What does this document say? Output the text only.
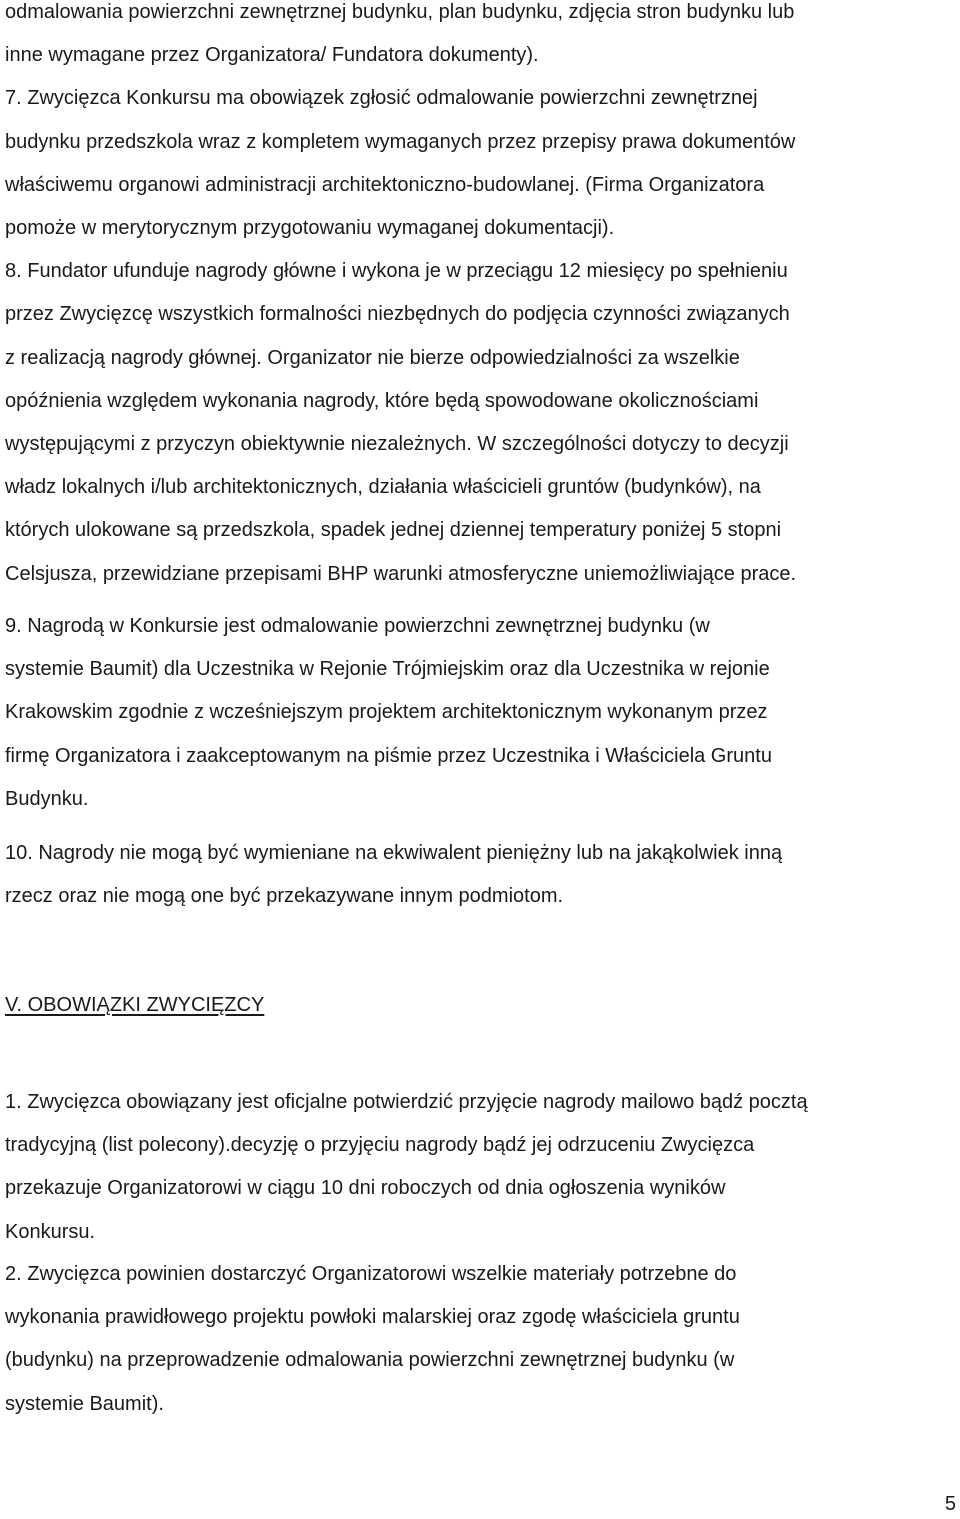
odmalowania powierzchni zewnętrznej budynku, plan budynku, zdjęcia stron budynku lub
inne wymagane przez Organizatora/ Fundatora dokumenty).
7. Zwycięzca Konkursu ma obowiązek zgłosić odmalowanie powierzchni zewnętrznej
budynku przedszkola wraz z kompletem wymaganych przez przepisy prawa dokumentów
właściwemu organowi administracji architektoniczno-budowlanej. (Firma Organizatora
pomoże w merytorycznym przygotowaniu wymaganej dokumentacji).
8. Fundator ufunduje nagrody główne i wykona je w przeciągu 12 miesięcy po spełnieniu
przez Zwycięzcę wszystkich formalności niezbędnych do podjęcia czynności związanych
z realizacją nagrody głównej. Organizator nie bierze odpowiedzialności za wszelkie
opóźnienia względem wykonania nagrody, które będą spowodowane okolicznościami
występującymi z przyczyn obiektywnie niezależnych. W szczególności dotyczy to decyzji
władz lokalnych i/lub architektonicznych, działania właścicieli gruntów (budynków), na
których ulokowane są przedszkola, spadek jednej dziennej temperatury poniżej 5 stopni
Celsjusza, przewidziane przepisami BHP warunki atmosferyczne uniemożliwiające prace.

9. Nagrodą w Konkursie jest odmalowanie powierzchni zewnętrznej budynku (w
systemie Baumit) dla Uczestnika w Rejonie Trójmiejskim oraz dla Uczestnika w rejonie
Krakowskim zgodnie z wcześniejszym projektem architektonicznym wykonanym przez
firmę Organizatora i zaakceptowanym na piśmie przez Uczestnika i Właściciela Gruntu
Budynku.

10. Nagrody nie mogą być wymieniane na ekwiwalent pieniężny lub na jakąkolwiek inną
rzecz oraz nie mogą one być przekazywane innym podmiotom.

V. OBOWIĄZKI ZWYCIĘZCY

1. Zwycięzca obowiązany jest oficjalne potwierdzić przyjęcie nagrody mailowo bądź pocztą
tradycyjną (list polecony).decyzję o przyjęciu nagrody bądź jej odrzuceniu Zwycięzca
przekazuje Organizatorowi w ciągu 10 dni roboczych od dnia ogłoszenia wyników
Konkursu.

2. Zwycięzca powinien dostarczyć Organizatorowi wszelkie materiały potrzebne do
wykonania prawidłowego projektu powłoki malarskiej oraz zgodę właściciela gruntu
(budynku) na przeprowadzenie odmalowania powierzchni zewnętrznej budynku (w
systemie Baumit).

5
